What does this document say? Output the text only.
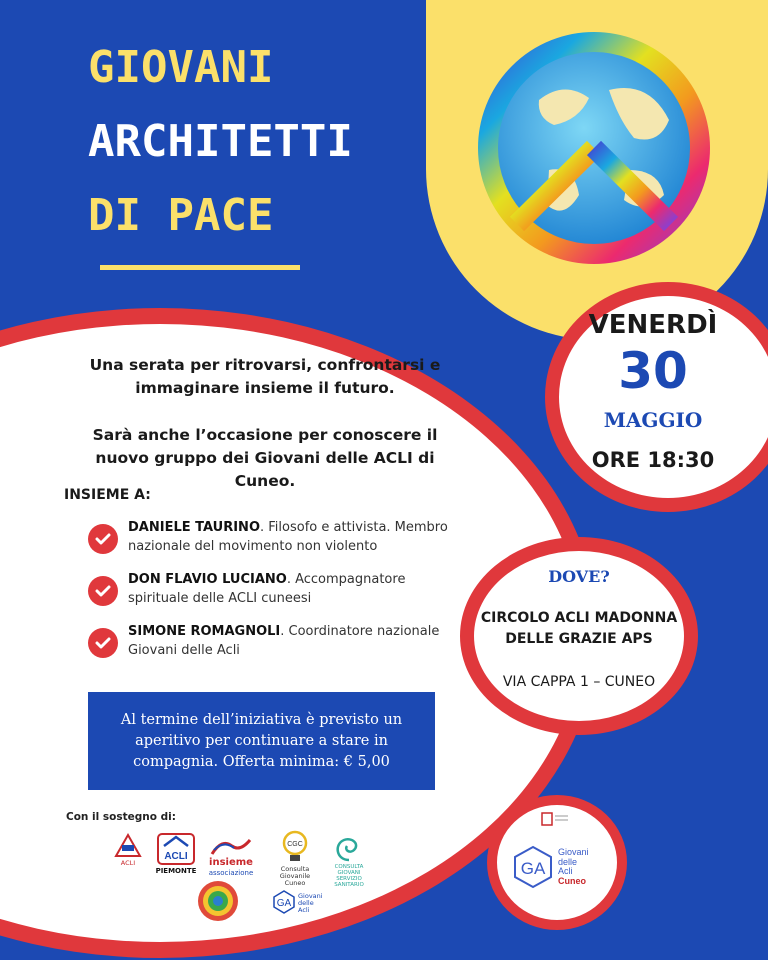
GIOVANI
ARCHITETTI
DI PACE
Una serata per ritrovarsi, confrontarsi e immaginare insieme il futuro.
Sarà anche l’occasione per conoscere il nuovo gruppo dei Giovani delle ACLI di Cuneo.
INSIEME A:
DANIELE TAURINO. Filosofo e attivista. Membro nazionale del movimento non violento
DON FLAVIO LUCIANO. Accompagnatore spirituale delle ACLI cuneesi
SIMONE ROMAGNOLI. Coordinatore nazionale Giovani delle Acli
Al termine dell’iniziativa è previsto un aperitivo per continuare a stare in compagnia. Offerta minima: € 5,00
Con il sostegno di:
ACLI
ACLI
PIEMONTE
insieme
associazione
CGC
Consulta Giovanile Cuneo
CONSULTA GIOVANI SERVIZIO SANITARIO
GA
Giovani delle Acli
VENERDÌ
30
MAGGIO
ORE 18:30
DOVE?
CIRCOLO ACLI MADONNA DELLE GRAZIE APS
VIA CAPPA 1 – CUNEO
GA
Giovani
delle
Acli
Cuneo
